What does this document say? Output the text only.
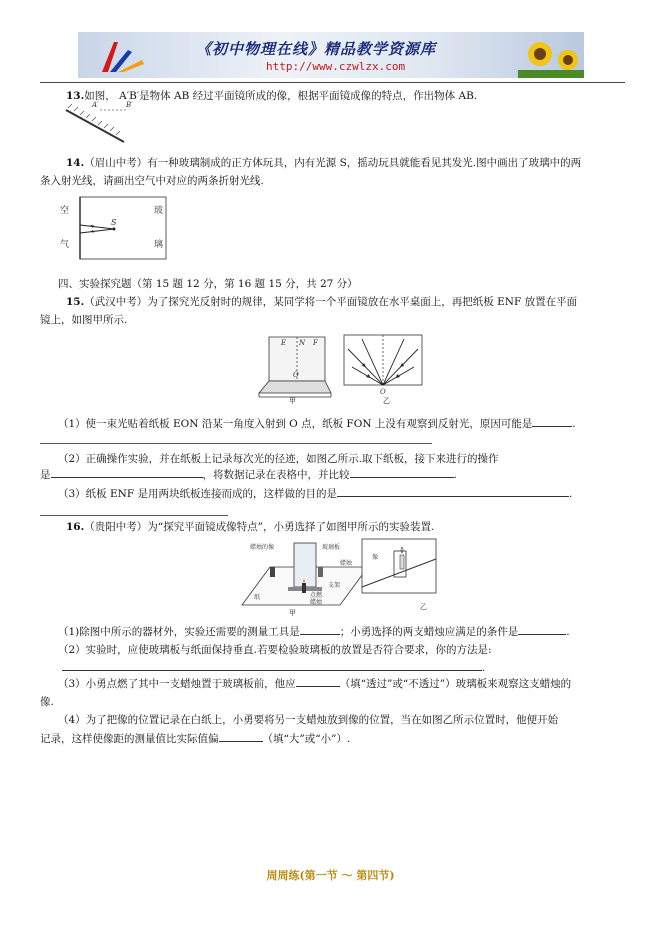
《初中物理在线》精品教学资源库
http://www.czwlzx.com
13.如图， A′B′是物体 AB 经过平面镜所成的像，根据平面镜成像的特点，作出物体 AB.
A′	B′
14.（眉山中考）有一种玻璃制成的正方体玩具，内有光源 S，摇动玩具就能看见其发光.图中画出了玻璃中的两
条入射光线，请画出空气中对应的两条折射光线.
空
气
玻
璃
S
四、实验探究题（第 15 题 12 分，第 16 题 15 分，共 27 分）
15.（武汉中考）为了探究光反射时的规律，某同学将一个平面镜放在水平桌面上，再把纸板 ENF 放置在平面
镜上，如图甲所示.
E N F
O
甲
O
乙
（1）使一束光贴着纸板 EON 沿某一角度入射到 O 点，纸板 FON 上没有观察到反射光，原因可能是	.
（2）正确操作实验，并在纸板上记录每次光的径迹，如图乙所示.取下纸板，接下来进行的操作
是	，将数据记录在表格中，并比较	.
（3）纸板 ENF 是用两块纸板连接而成的，这样做的目的是	.
16.（贵阳中考）为“探究平面镜成像特点”，小勇选择了如图甲所示的实验装置.
蜡烛的像	玻璃板
蜡烛
支架
纸	点燃
蜡烛
甲
像
乙
（1)除图中所示的器材外，实验还需要的测量工具是	；小勇选择的两支蜡烛应满足的条件是	.
（2）实验时，应使玻璃板与纸面保持垂直.若要检验玻璃板的放置是否符合要求，你的方法是:
.
（3）小勇点燃了其中一支蜡烛置于玻璃板前，他应	（填“透过”或“不透过”）玻璃板来观察这支蜡烛的
像.
（4）为了把像的位置记录在白纸上，小勇要将另一支蜡烛放到像的位置，当在如图乙所示位置时，他便开始
记录，这样使像距的测量值比实际值偏	（填“大”或“小”）.
周周练(第一节 ～ 第四节)
